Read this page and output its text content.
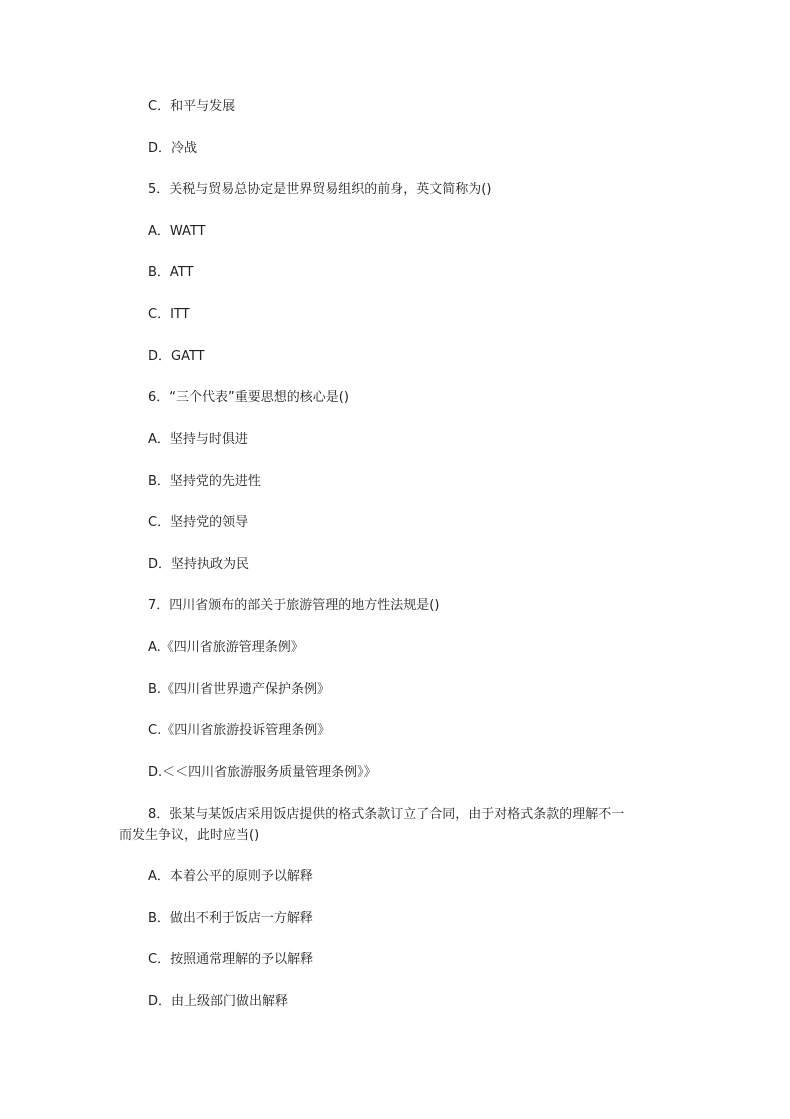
C．和平与发展
D．冷战
5．关税与贸易总协定是世界贸易组织的前身，英文简称为()
A．WATT
B．ATT
C．ITT
D．GATT
6．“三个代表”重要思想的核心是()
A．坚持与时俱进
B．坚持党的先进性
C．坚持党的领导
D．坚持执政为民
7．四川省颁布的部关于旅游管理的地方性法规是()
A.《四川省旅游管理条例》
B.《四川省世界遗产保护条例》
C.《四川省旅游投诉管理条例》
D.＜＜四川省旅游服务质量管理条例》》
8．张某与某饭店采用饭店提供的格式条款订立了合同，由于对格式条款的理解不一
而发生争议，此时应当()
A．本着公平的原则予以解释
B．做出不利于饭店一方解释
C．按照通常理解的予以解释
D．由上级部门做出解释
